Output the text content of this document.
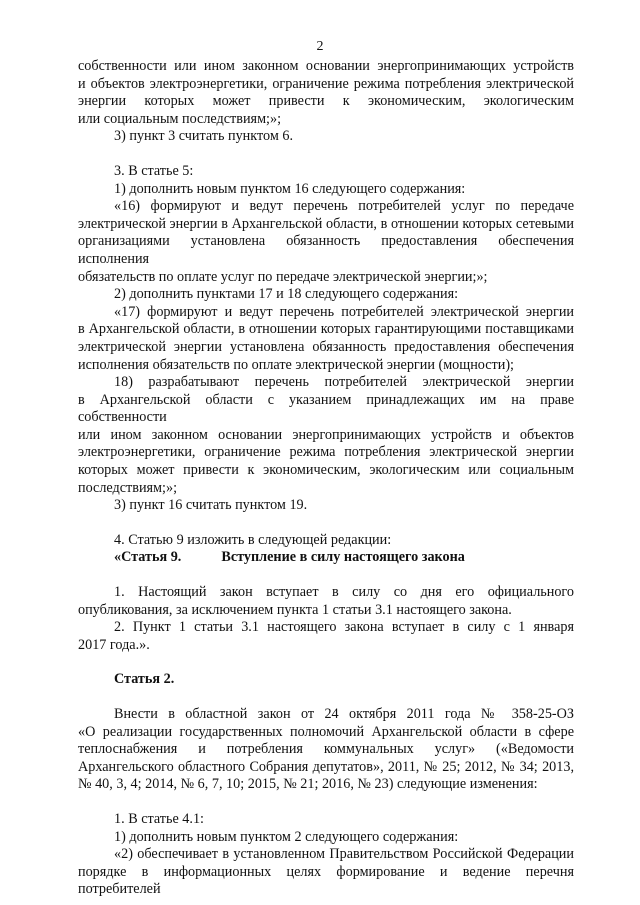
2

собственности или ином законном основании энергопринимающих устройств

и объектов электроэнергетики, ограничение режима потребления электрической

энергии которых может привести к экономическим, экологическим

или социальным последствиям;»;

3) пункт 3 считать пунктом 6.

3. В статье 5:

1) дополнить новым пунктом 16 следующего содержания:

«16) формируют и ведут перечень потребителей услуг по передаче

электрической энергии в Архангельской области, в отношении которых сетевыми

организациями установлена обязанность предоставления обеспечения исполнения

обязательств по оплате услуг по передаче электрической энергии;»;

2) дополнить пунктами 17 и 18 следующего содержания:

«17) формируют и ведут перечень потребителей электрической энергии

в Архангельской области, в отношении которых гарантирующими поставщиками

электрической энергии установлена обязанность предоставления обеспечения

исполнения обязательств по оплате электрической энергии (мощности);

18) разрабатывают перечень потребителей электрической энергии

в Архангельской области с указанием принадлежащих им на праве собственности

или ином законном основании энергопринимающих устройств и объектов

электроэнергетики, ограничение режима потребления электрической энергии

которых может привести к экономическим, экологическим или социальным

последствиям;»;

3) пункт 16 считать пунктом 19.

4. Статью 9 изложить в следующей редакции:

«Статья 9.	Вступление в силу настоящего закона

1. Настоящий закон вступает в силу со дня его официального

опубликования, за исключением пункта 1 статьи 3.1 настоящего закона.

2. Пункт 1 статьи 3.1 настоящего закона вступает в силу с 1 января

2017 года.».

Статья 2.

Внести в областной закон от 24 октября 2011 года № 358-25-ОЗ

«О реализации государственных полномочий Архангельской области в сфере

теплоснабжения и потребления коммунальных услуг» («Ведомости

Архангельского областного Собрания депутатов», 2011, № 25; 2012, № 34; 2013,

№ 40, 3, 4; 2014, № 6, 7, 10; 2015, № 21; 2016, № 23) следующие изменения:

1. В статье 4.1:

1) дополнить новым пунктом 2 следующего содержания:

«2) обеспечивает в установленном Правительством Российской Федерации

порядке в информационных целях формирование и ведение перечня потребителей
